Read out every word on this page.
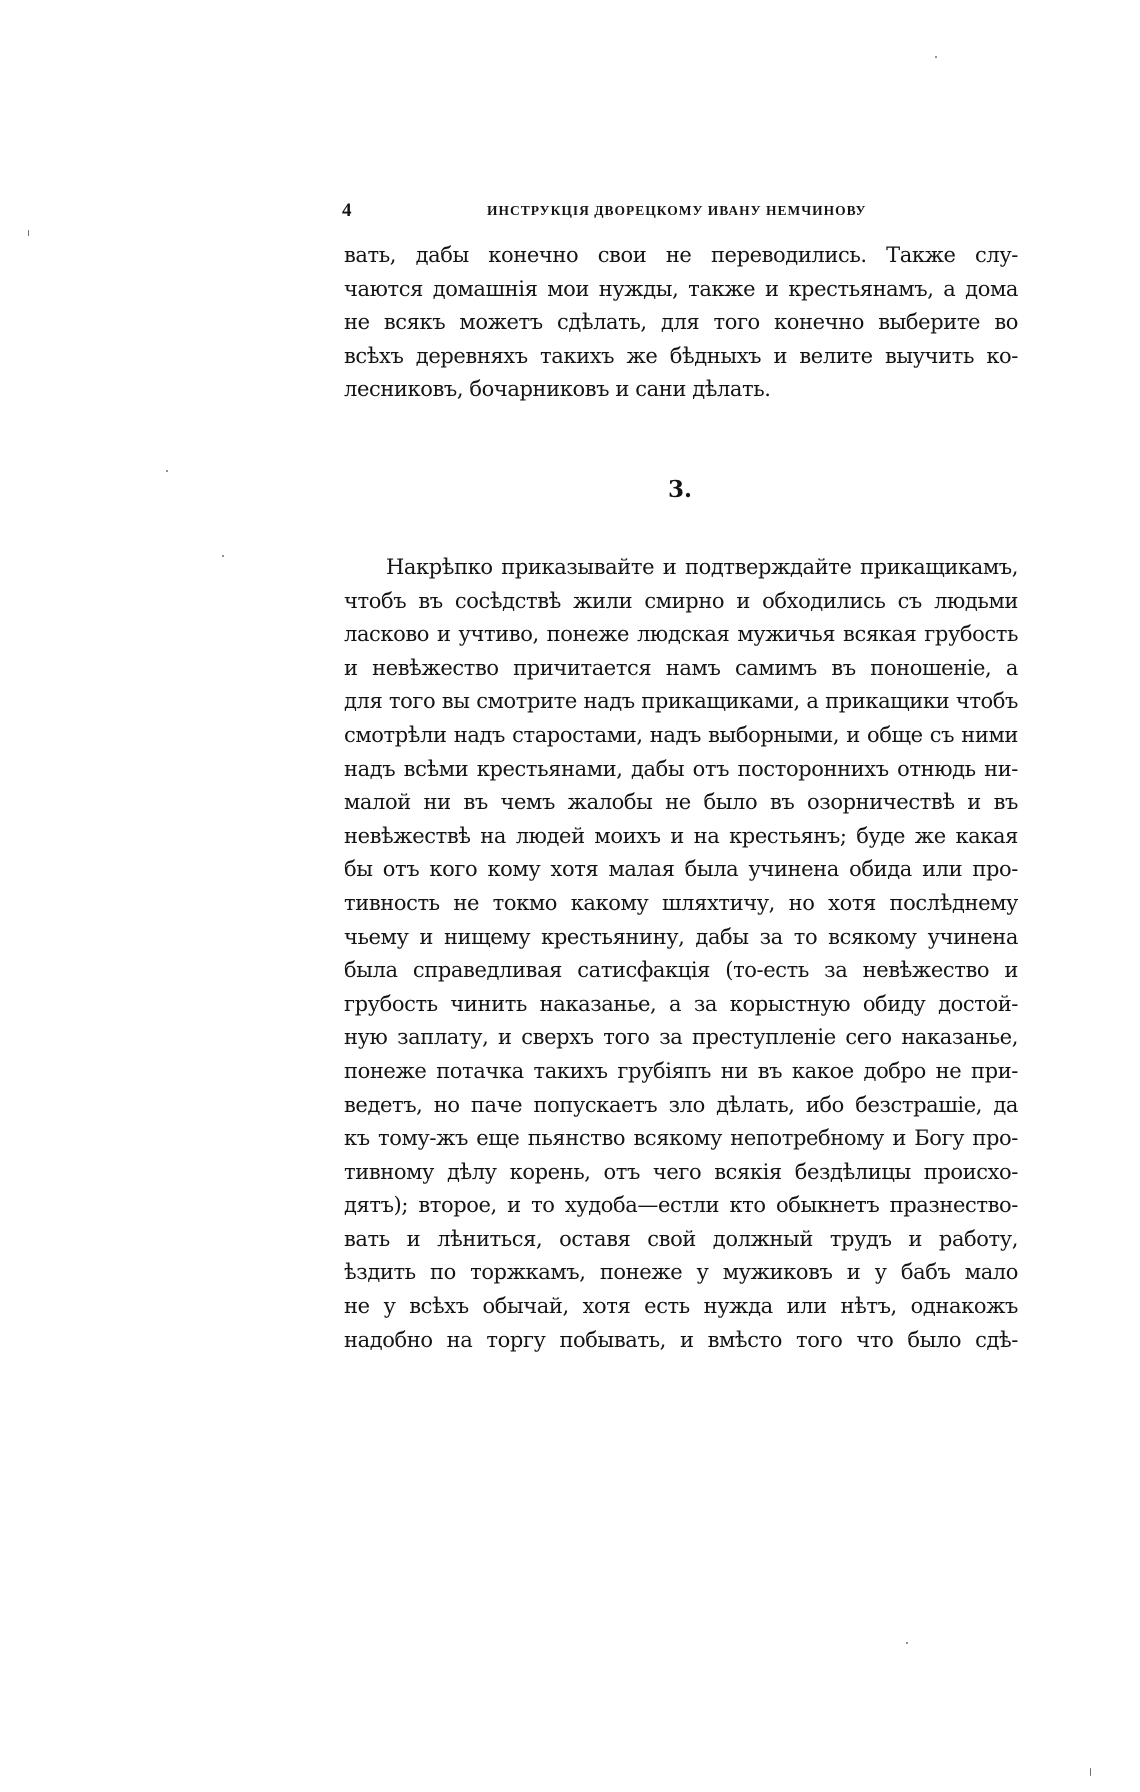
4	ИНСТРУКЦІЯ ДВОРЕЦКОМУ ИВАНУ НЕМЧИНОВУ
вать, дабы конечно свои не переводились. Также слу-
чаются домашнія мои нужды, также и крестьянамъ, а дома
не всякъ можетъ сдѣлать, для того конечно выберите во
всѣхъ деревняхъ такихъ же бѣдныхъ и велите выучить ко-
лесниковъ, бочарниковъ и сани дѣлать.
3.
Накрѣпко приказывайте и подтверждайте прикащикамъ,
чтобъ въ сосѣдствѣ жили смирно и обходились съ людьми
ласково и учтиво, понеже людская мужичья всякая грубость
и невѣжество причитается намъ самимъ въ поношеніе, а
для того вы смотрите надъ прикащиками, а прикащики чтобъ
смотрѣли надъ старостами, надъ выборными, и обще съ ними
надъ всѣми крестьянами, дабы отъ постороннихъ отнюдь ни-
малой ни въ чемъ жалобы не было въ озорничествѣ и въ
невѣжествѣ на людей моихъ и на крестьянъ; буде же какая
бы отъ кого кому хотя малая была учинена обида или про-
тивность не токмо какому шляхтичу, но хотя послѣднему
чьему и нищему крестьянину, дабы за то всякому учинена
была справедливая сатисфакція (то-есть за невѣжество и
грубость чинить наказанье, а за корыстную обиду достой-
ную заплату, и сверхъ того за преступленіе сего наказанье,
понеже потачка такихъ грубіяпъ ни въ какое добро не при-
ведетъ, но паче попускаетъ зло дѣлать, ибо безстрашіе, да
къ тому-жъ еще пьянство всякому непотребному и Богу про-
тивному дѣлу корень, отъ чего всякія бездѣлицы происхо-
дятъ); второе, и то худоба—естли кто обыкнетъ празнество-
вать и лѣниться, оставя свой должный трудъ и работу,
ѣздить по торжкамъ, понеже у мужиковъ и у бабъ мало
не у всѣхъ обычай, хотя есть нужда или нѣтъ, однакожъ
надобно на торгу побывать, и вмѣсто того что было сдѣ-
